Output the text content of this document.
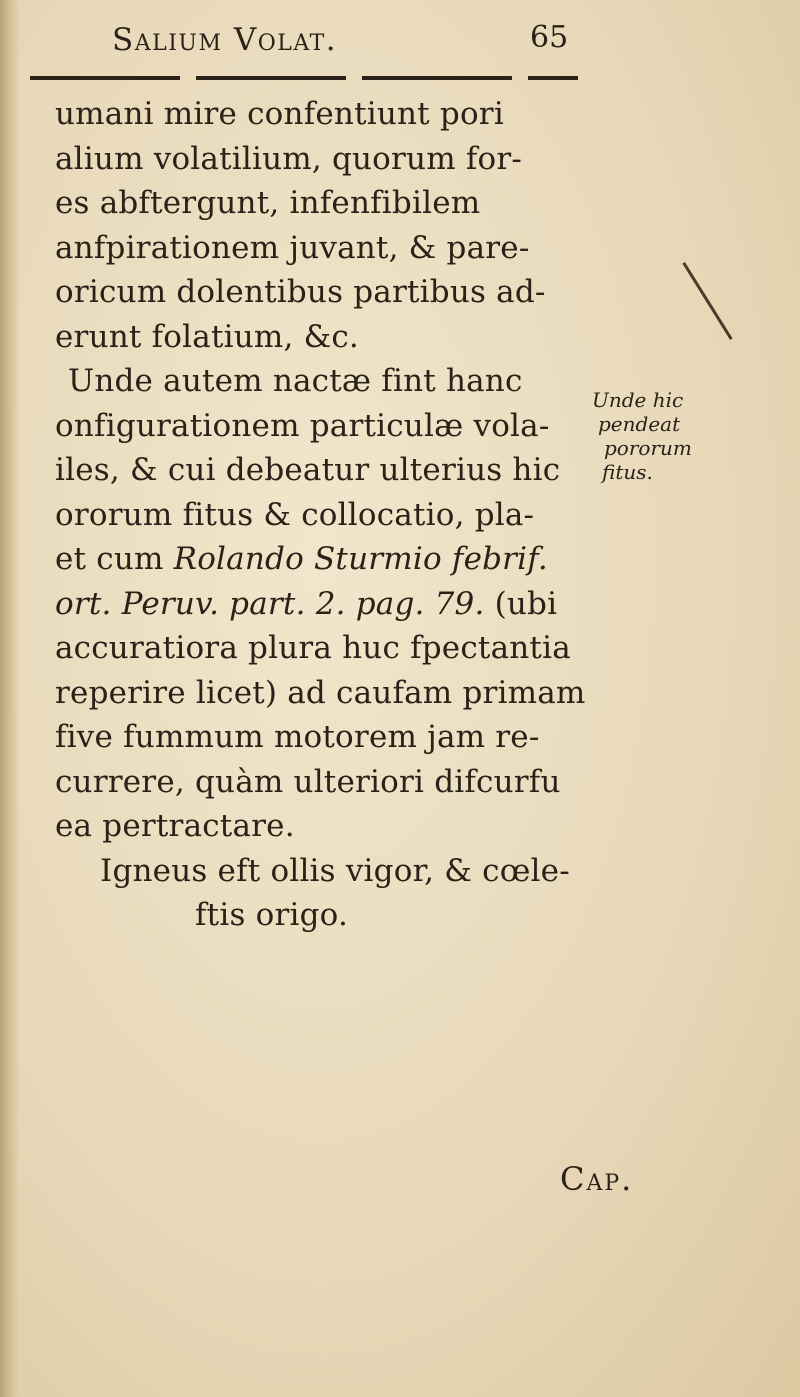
Salium Volat.	65
umani mire confentiunt pori
alium volatilium, quorum for-
es abftergunt, infenfibilem
anfpirationem juvant, & pare-
oricum dolentibus partibus ad-
erunt folatium, &c.
Unde autem nactæ fint hanc
onfigurationem particulæ vola-
iles, & cui debeatur ulterius hic
ororum fitus & collocatio, pla-
et cum Rolando Sturmio febrif.
ort. Peruv. part. 2. pag. 79. (ubi
accuratiora plura huc fpectantia
reperire licet) ad caufam primam
five fummum motorem jam re-
currere, quàm ulteriori difcurfu
ea pertractare.
Igneus eft ollis vigor, & cœle-
ftis origo.
Unde hic
pendeat
pororum
fitus.
Cap.
